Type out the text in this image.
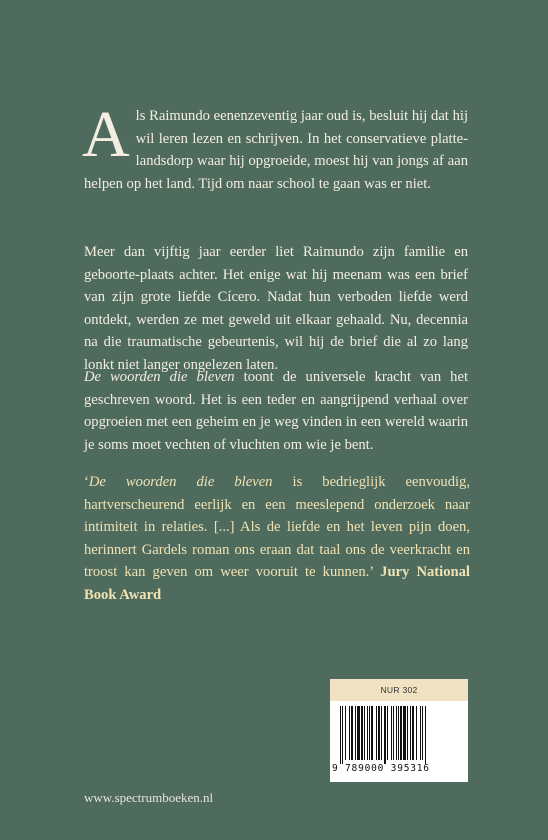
Als Raimundo eenenzeventig jaar oud is, besluit hij dat hij wil leren lezen en schrijven. In het conservatieve platte-landsdorp waar hij opgroeide, moest hij van jongs af aan helpen op het land. Tijd om naar school te gaan was er niet.

Meer dan vijftig jaar eerder liet Raimundo zijn familie en geboorte-plaats achter. Het enige wat hij meenam was een brief van zijn grote liefde Cícero. Nadat hun verboden liefde werd ontdekt, werden ze met geweld uit elkaar gehaald. Nu, decennia na die traumatische gebeurtenis, wil hij de brief die al zo lang lonkt niet langer ongelezen laten.

De woorden die bleven toont de universele kracht van het geschreven woord. Het is een teder en aangrijpend verhaal over opgroeien met een geheim en je weg vinden in een wereld waarin je soms moet vechten of vluchten om wie je bent.

‘De woorden die bleven is bedrieglijk eenvoudig, hartverscheurend eerlijk en een meeslepend onderzoek naar intimiteit in relaties. [...] Als de liefde en het leven pijn doen, herinnert Gardels roman ons eraan dat taal ons de veerkracht en troost kan geven om weer vooruit te kunnen.’ Jury National Book Award

NUR 302
9 789000 395316
www.spectrumboeken.nl
